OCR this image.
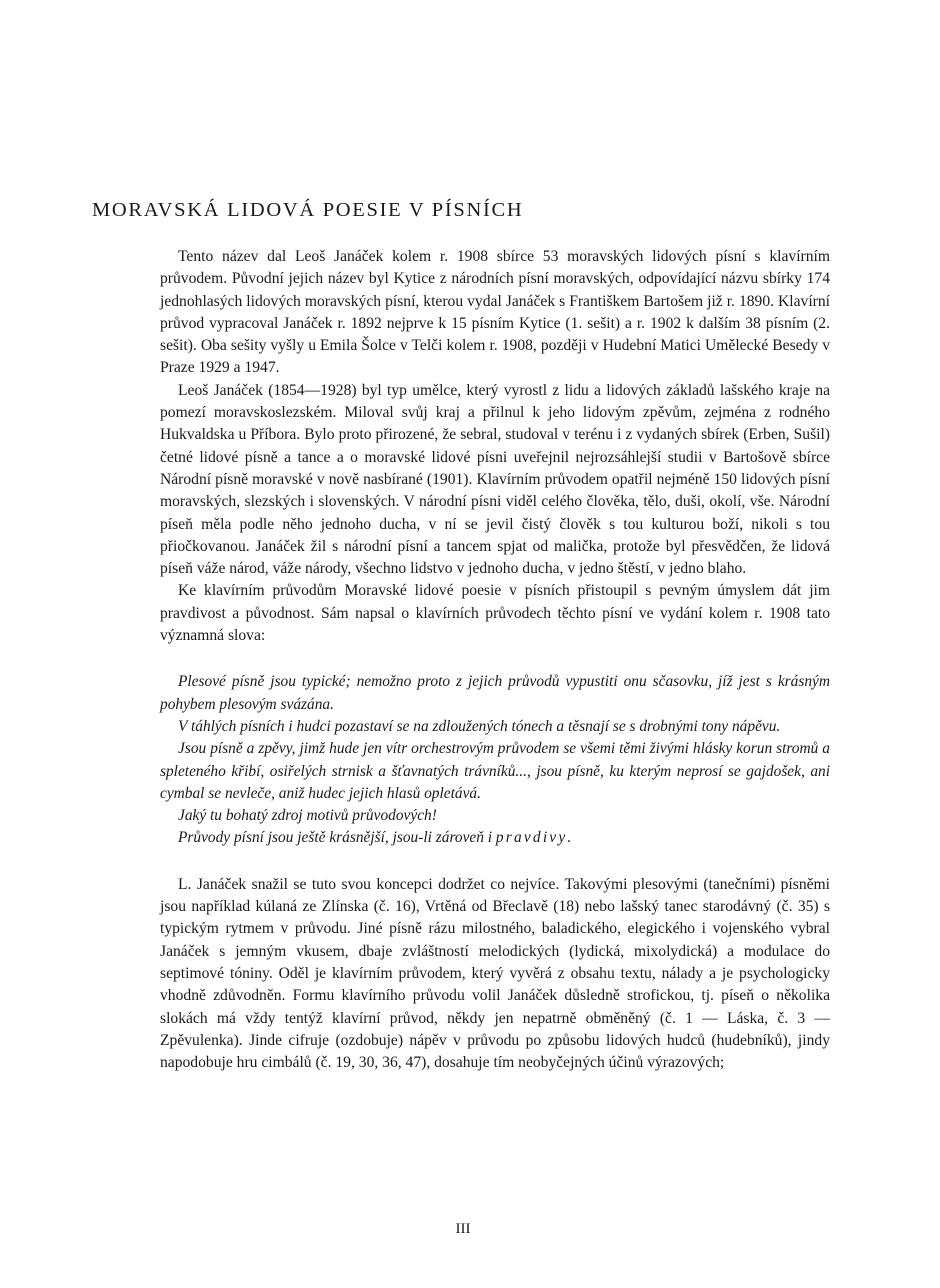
MORAVSKÁ LIDOVÁ POESIE V PÍSNÍCH

Tento název dal Leoš Janáček kolem r. 1908 sbírce 53 moravských lidových písní s klavírním průvodem. Původní jejich název byl Kytice z národních písní moravských, odpovídající názvu sbírky 174 jednohlasých lidových moravských písní, kterou vydal Janáček s Františkem Bartošem již r. 1890. Klavírní průvod vypracoval Janáček r. 1892 nejprve k 15 písním Kytice (1. sešit) a r. 1902 k dalším 38 písním (2. sešit). Oba sešity vyšly u Emila Šolce v Telči kolem r. 1908, později v Hudební Matici Umělecké Besedy v Praze 1929 a 1947.

Leoš Janáček (1854—1928) byl typ umělce, který vyrostl z lidu a lidových základů lašského kraje na pomezí moravskoslezském. Miloval svůj kraj a přilnul k jeho lidovým zpěvům, zejména z rodného Hukvaldska u Příbora. Bylo proto přirozené, že sebral, studoval v terénu i z vydaných sbírek (Erben, Sušil) četné lidové písně a tance a o moravské lidové písni uveřejnil nejrozsáhlejší studii v Bartošově sbírce Národní písně moravské v nově nasbírané (1901). Klavírním průvodem opatřil nejméně 150 lidových písní moravských, slezských i slovenských. V národní písni viděl celého člověka, tělo, duši, okolí, vše. Národní píseň měla podle něho jednoho ducha, v ní se jevil čistý člověk s tou kulturou boží, nikoli s tou přiočkovanou. Janáček žil s národní písní a tancem spjat od malička, protože byl přesvědčen, že lidová píseň váže národ, váže národy, všechno lidstvo v jednoho ducha, v jedno štěstí, v jedno blaho.

Ke klavírním průvodům Moravské lidové poesie v písních přistoupil s pevným úmyslem dát jim pravdivost a původnost. Sám napsal o klavírních průvodech těchto písní ve vydání kolem r. 1908 tato významná slova:

Plesové písně jsou typické; nemožno proto z jejich průvodů vypustiti onu sčasovku, jíž jest s krásným pohybem plesovým svázána.

V táhlých písních i hudci pozastaví se na zdloužených tónech a těsnají se s drobnými tony nápěvu.

Jsou písně a zpěvy, jimž hude jen vítr orchestrovým průvodem se všemi těmi živými hlásky korun stromů a spleteného křibí, osiřelých strnisk a šťavnatých trávníků..., jsou písně, ku kterým neprosí se gajdošek, ani cymbal se nevleče, aniž hudec jejich hlasů opletává.

Jaký tu bohatý zdroj motivů průvodových!

Průvody písní jsou ještě krásnější, jsou-li zároveň i pravdivy.

L. Janáček snažil se tuto svou koncepci dodržet co nejvíce. Takovými plesovými (tanečními) písněmi jsou například kúlaná ze Zlínska (č. 16), Vrtěná od Břeclavě (18) nebo lašský tanec starodávný (č. 35) s typickým rytmem v průvodu. Jiné písně rázu milostného, baladického, elegického i vojenského vybral Janáček s jemným vkusem, dbaje zvláštností melodických (lydická, mixolydická) a modulace do septimové tóniny. Oděl je klavírním průvodem, který vyvěrá z obsahu textu, nálady a je psychologicky vhodně zdůvodněn. Formu klavírního průvodu volil Janáček důsledně strofickou, tj. píseň o několika slokách má vždy tentýž klavírní průvod, někdy jen nepatrně obměněný (č. 1 — Láska, č. 3 — Zpěvulenka). Jinde cifruje (ozdobuje) nápěv v průvodu po způsobu lidových hudců (hudebníků), jindy napodobuje hru cimbálů (č. 19, 30, 36, 47), dosahuje tím neobyčejných účinů výrazových;

III
